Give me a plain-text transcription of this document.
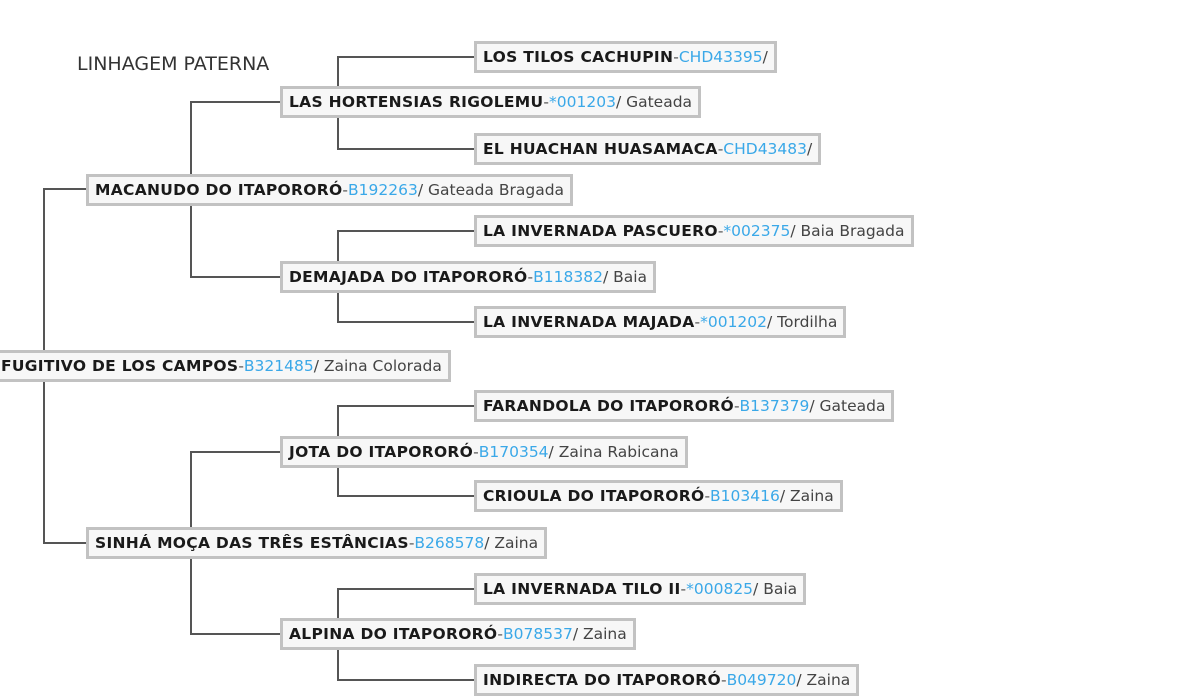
LINHAGEM PATERNA
FUGITIVO DE LOS CAMPOS - B321485 / Zaina Colorada
MACANUDO DO ITAPORORÓ - B192263 / Gateada Bragada
SINHÁ MOÇA DAS TRÊS ESTÂNCIAS - B268578 / Zaina
LAS HORTENSIAS RIGOLEMU - *001203 / Gateada
DEMAJADA DO ITAPORORÓ - B118382 / Baia
JOTA DO ITAPORORÓ - B170354 / Zaina Rabicana
ALPINA DO ITAPORORÓ - B078537 / Zaina
LOS TILOS CACHUPIN - CHD43395 /
EL HUACHAN HUASAMACA - CHD43483 /
LA INVERNADA PASCUERO - *002375 / Baia Bragada
LA INVERNADA MAJADA - *001202 / Tordilha
FARANDOLA DO ITAPORORÓ - B137379 / Gateada
CRIOULA DO ITAPORORÓ - B103416 / Zaina
LA INVERNADA TILO II - *000825 / Baia
INDIRECTA DO ITAPORORÓ - B049720 / Zaina
